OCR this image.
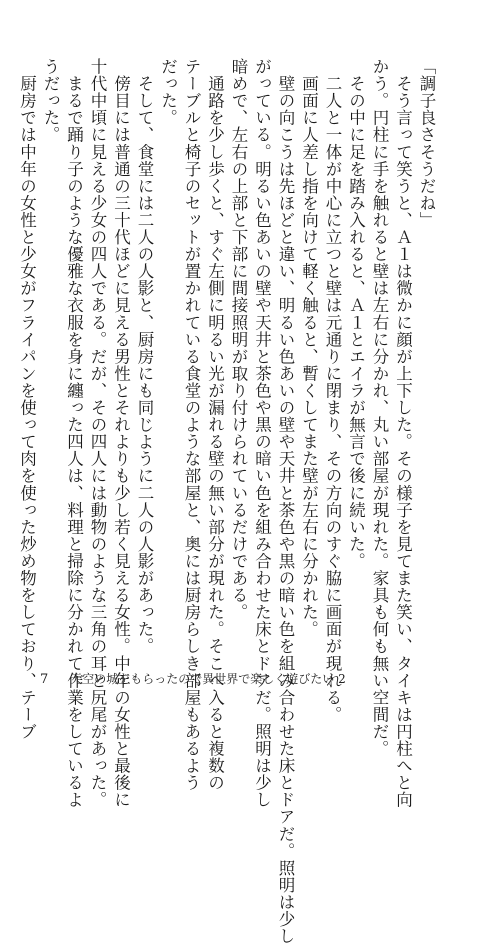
「調子良さそうだね」

　そう言って笑うと、Ａ１は微かに顔が上下した。その様子を見てまた笑い、タイキは円柱へと向

かう。円柱に手を触れると壁は左右に分かれ、丸い部屋が現れた。家具も何も無い空間だ。

　その中に足を踏み入れると、Ａ１とエイラが無言で後に続いた。

　二人と一体が中心に立つと壁は元通りに閉まり、その方向のすぐ脇に画面が現れる。

　画面に人差し指を向けて軽く触ると、暫くしてまた壁が左右に分かれた。

　壁の向こうは先ほどと違い、明るい色あいの壁や天井と茶色や黒の暗い色を組み合わせた床とドアだ。照明は少し

がっている。明るい色あいの壁や天井と茶色や黒の暗い色を組み合わせた床とドアだ。照明は少し

暗めで、左右の上部と下部に間接照明が取り付けられているだけである。

　通路を少し歩くと、すぐ左側に明るい光が漏れる壁の無い部分が現れた。そこへ入ると複数の

テーブルと椅子のセットが置かれている食堂のような部屋と、奥には厨房らしき部屋もあるよう

だった。

　そして、食堂には二人の人影と、厨房にも同じように二人の人影があった。

　傍目には普通の三十代ほどに見える男性とそれよりも少し若く見える女性。中年の女性と最後に

十代中頃に見える少女の四人である。だが、その四人には動物のような三角の耳と尻尾があった。

　まるで踊り子のような優雅な衣服を身に纏った四人は、料理と掃除に分かれて作業をしているよ

うだった。

　厨房では中年の女性と少女がフライパンを使って肉を使った炒め物をしており、テーブ 7 天空の城をもらったので異世界で楽しく遊びたい 2
